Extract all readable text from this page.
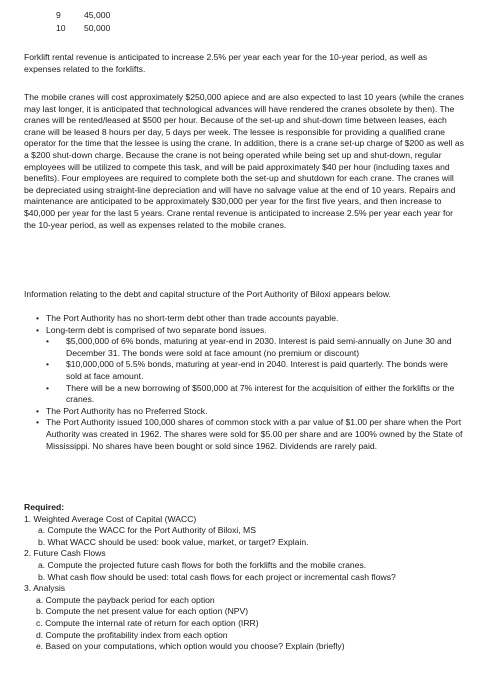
9	45,000
10	50,000

Forklift rental revenue is anticipated to increase 2.5% per year each year for the 10-year period, as well as expenses related to the forklifts.

The mobile cranes will cost approximately $250,000 apiece and are also expected to last 10 years (while the cranes may last longer, it is anticipated that technological advances will have rendered the cranes obsolete by then). The cranes will be rented/leased at $500 per hour. Because of the set-up and shut-down time between leases, each crane will be leased 8 hours per day, 5 days per week. The lessee is responsible for providing a qualified crane operator for the time that the lessee is using the crane. In addition, there is a crane set-up charge of $200 as well as a $200 shut-down charge. Because the crane is not being operated while being set up and shut-down, regular employees will be utilized to compete this task, and will be paid approximately $40 per hour (including taxes and benefits). Four employees are required to complete both the set-up and shutdown for each crane. The cranes will be depreciated using straight-line depreciation and will have no salvage value at the end of 10 years. Repairs and maintenance are anticipated to be approximately $30,000 per year for the first five years, and then increase to $40,000 per year for the last 5 years. Crane rental revenue is anticipated to increase 2.5% per year each year for the 10-year period, as well as expenses related to the mobile cranes.

Information relating to the debt and capital structure of the Port Authority of Biloxi appears below.

• The Port Authority has no short-term debt other than trade accounts payable.
• Long-term debt is comprised of two separate bond issues.
• $5,000,000 of 6% bonds, maturing at year-end in 2030. Interest is paid semi-annually on June 30 and December 31. The bonds were sold at face amount (no premium or discount)
• $10,000,000 of 5.5% bonds, maturing at year-end in 2040. Interest is paid quarterly. The bonds were sold at face amount.
• There will be a new borrowing of $500,000 at 7% interest for the acquisition of either the forklifts or the cranes.
• The Port Authority has no Preferred Stock.
• The Port Authority issued 100,000 shares of common stock with a par value of $1.00 per share when the Port Authority was created in 1962. The shares were sold for $5.00 per share and are 100% owned by the State of Mississippi. No shares have been bought or sold since 1962. Dividends are rarely paid.
Required:
1. Weighted Average Cost of Capital (WACC)
a. Compute the WACC for the Port Authority of Biloxi, MS
b. What WACC should be used: book value, market, or target? Explain.
2. Future Cash Flows
a. Compute the projected future cash flows for both the forklifts and the mobile cranes.
b. What cash flow should be used: total cash flows for each project or incremental cash flows?
3. Analysis
a. Compute the payback period for each option
b. Compute the net present value for each option (NPV)
c. Compute the internal rate of return for each option (IRR)
d. Compute the profitability index from each option
e. Based on your computations, which option would you choose? Explain (briefly)
